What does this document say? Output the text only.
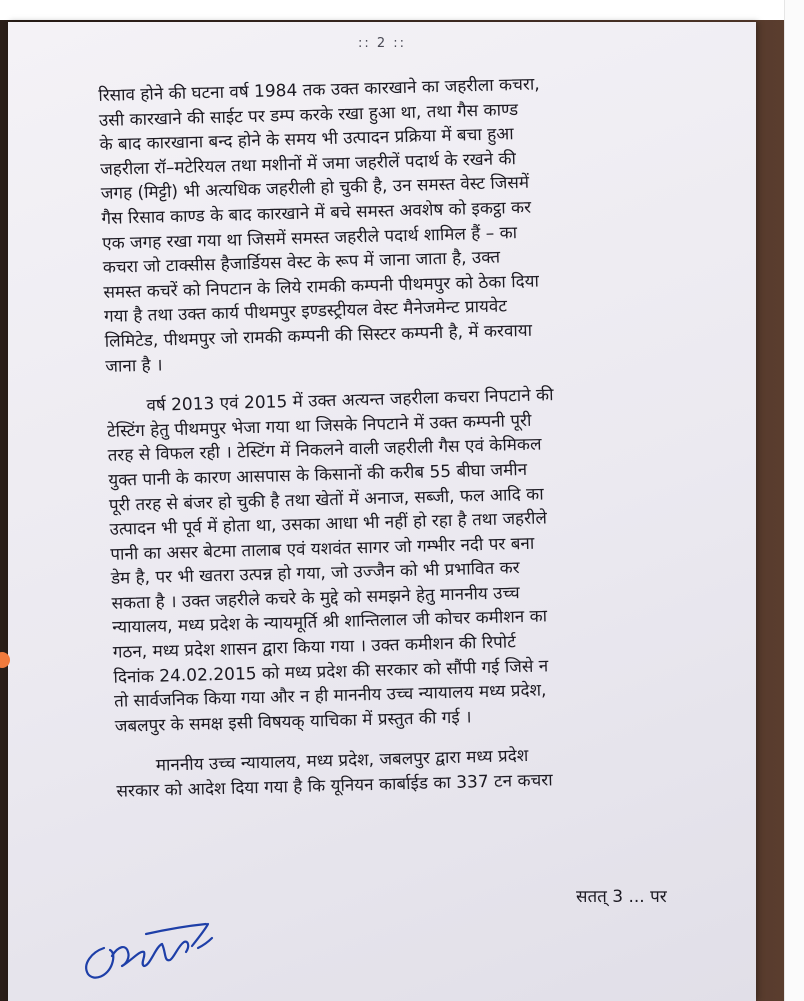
:: 2 ::
रिसाव होने की घटना वर्ष 1984 तक उक्त कारखाने का जहरीला कचरा,
उसी कारखाने की साईट पर डम्प करके रखा हुआ था, तथा गैस काण्ड
के बाद कारखाना बन्द होने के समय भी उत्पादन प्रक्रिया में बचा हुआ
जहरीला रॉ–मटेरियल तथा मशीनों में जमा जहरीलें पदार्थ के रखने की
जगह (मिट्टी) भी अत्यधिक जहरीली हो चुकी है, उन समस्त वेस्ट जिसमें
गैस रिसाव काण्ड के बाद कारखाने में बचे समस्त अवशेष को इकट्ठा कर
एक जगह रखा गया था जिसमें समस्त जहरीले पदार्थ शामिल हैं – का
कचरा जो टाक्सीस हैजार्डियस वेस्ट के रूप में जाना जाता है, उक्त
समस्त कचरें को निपटान के लिये रामकी कम्पनी पीथमपुर को ठेका दिया
गया है तथा उक्त कार्य पीथमपुर इण्डस्ट्रीयल वेस्ट मैनेजमेन्ट प्रायवेट
लिमिटेड, पीथमपुर जो रामकी कम्पनी की सिस्टर कम्पनी है, में करवाया
जाना है ।
वर्ष 2013 एवं 2015 में उक्त अत्यन्त जहरीला कचरा निपटाने की
टेस्टिंग हेतु पीथमपुर भेजा गया था जिसके निपटाने में उक्त कम्पनी पूरी
तरह से विफल रही । टेस्टिंग में निकलने वाली जहरीली गैस एवं केमिकल
युक्त पानी के कारण आसपास के किसानों की करीब 55 बीघा जमीन
पूरी तरह से बंजर हो चुकी है तथा खेतों में अनाज, सब्जी, फल आदि का
उत्पादन भी पूर्व में होता था, उसका आधा भी नहीं हो रहा है तथा जहरीले
पानी का असर बेटमा तालाब एवं यशवंत सागर जो गम्भीर नदी पर बना
डेम है, पर भी खतरा उत्पन्न हो गया, जो उज्जैन को भी प्रभावित कर
सकता है । उक्त जहरीले कचरे के मुद्दे को समझने हेतु माननीय उच्च
न्यायालय, मध्य प्रदेश के न्यायमूर्ति श्री शान्तिलाल जी कोचर कमीशन का
गठन, मध्य प्रदेश शासन द्वारा किया गया । उक्त कमीशन की रिपोर्ट
दिनांक 24.02.2015 को मध्य प्रदेश की सरकार को सौंपी गई जिसे न
तो सार्वजनिक किया गया और न ही माननीय उच्च न्यायालय मध्य प्रदेश,
जबलपुर के समक्ष इसी विषयक् याचिका में प्रस्तुत की गई ।
माननीय उच्च न्यायालय, मध्य प्रदेश, जबलपुर द्वारा मध्य प्रदेश
सरकार को आदेश दिया गया है कि यूनियन कार्बाईड का 337 टन कचरा
सतत् 3 ... पर
